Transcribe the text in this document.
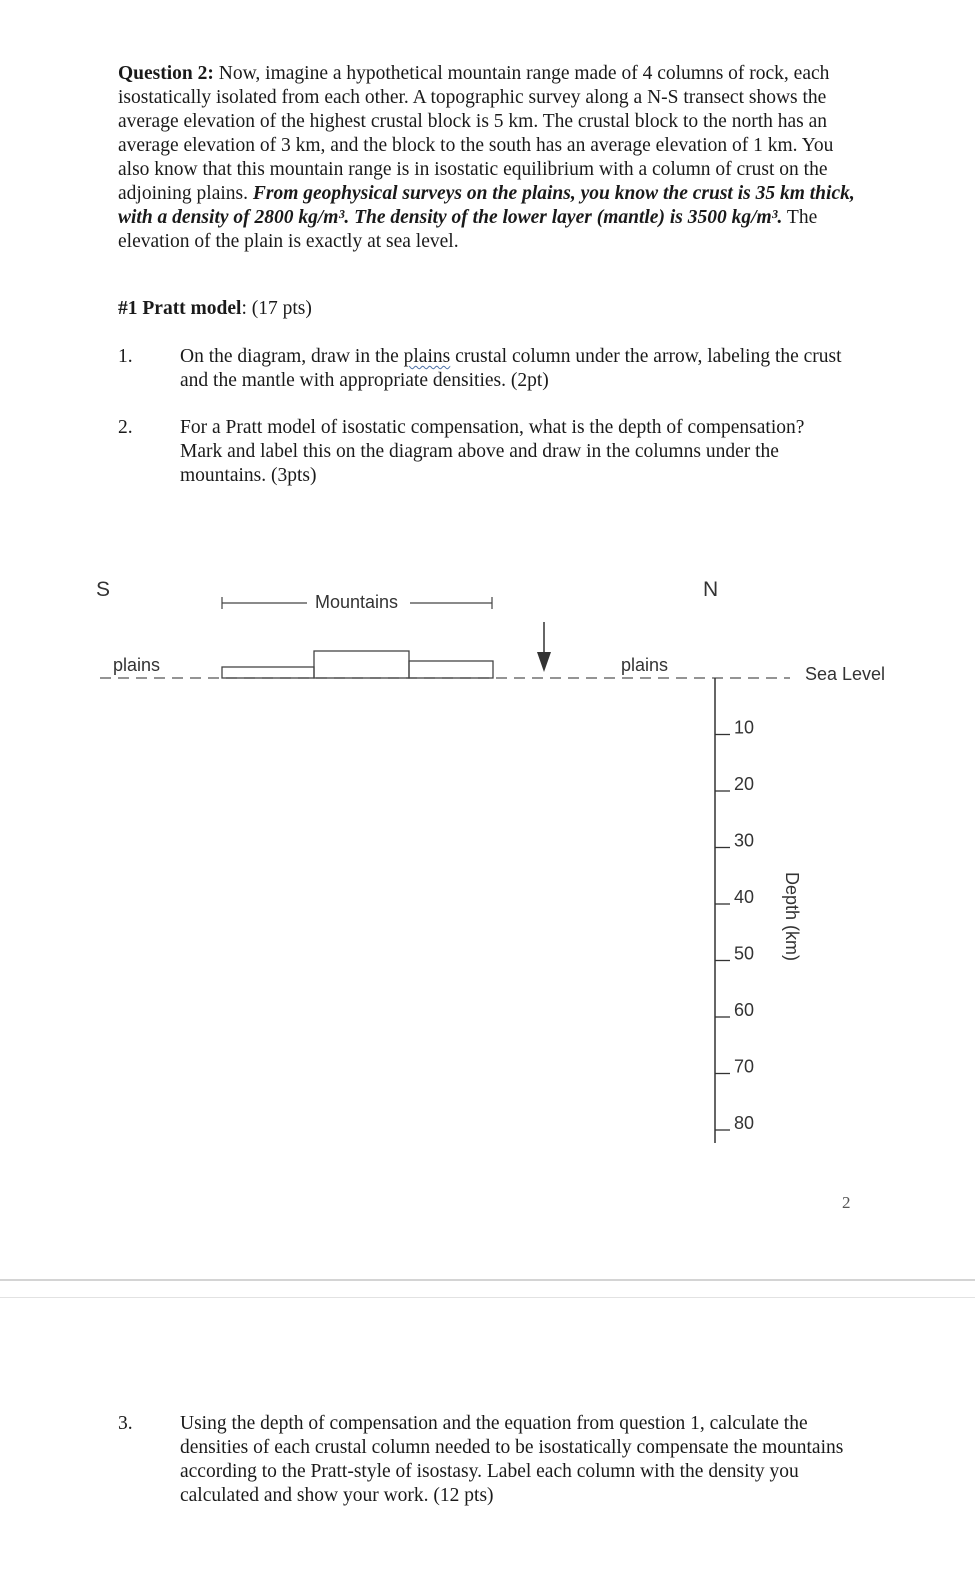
Question 2: Now, imagine a hypothetical mountain range made of 4 columns of rock, each isostatically isolated from each other. A topographic survey along a N-S transect shows the average elevation of the highest crustal block is 5 km. The crustal block to the north has an average elevation of 3 km, and the block to the south has an average elevation of 1 km. You also know that this mountain range is in isostatic equilibrium with a column of crust on the adjoining plains. From geophysical surveys on the plains, you know the crust is 35 km thick, with a density of 2800 kg/m³. The density of the lower layer (mantle) is 3500 kg/m³. The elevation of the plain is exactly at sea level.

#1 Pratt model: (17 pts)
1. On the diagram, draw in the plains crustal column under the arrow, labeling the crust and the mantle with appropriate densities. (2pt)
2. For a Pratt model of isostatic compensation, what is the depth of compensation? Mark and label this on the diagram above and draw in the columns under the mountains. (3pts)
S	N
Mountains
plains	plains	Sea Level
10
20
30
40
50
60
70
80
Depth (km)
2
3. Using the depth of compensation and the equation from question 1, calculate the densities of each crustal column needed to be isostatically compensate the mountains according to the Pratt-style of isostasy. Label each column with the density you calculated and show your work. (12 pts)
